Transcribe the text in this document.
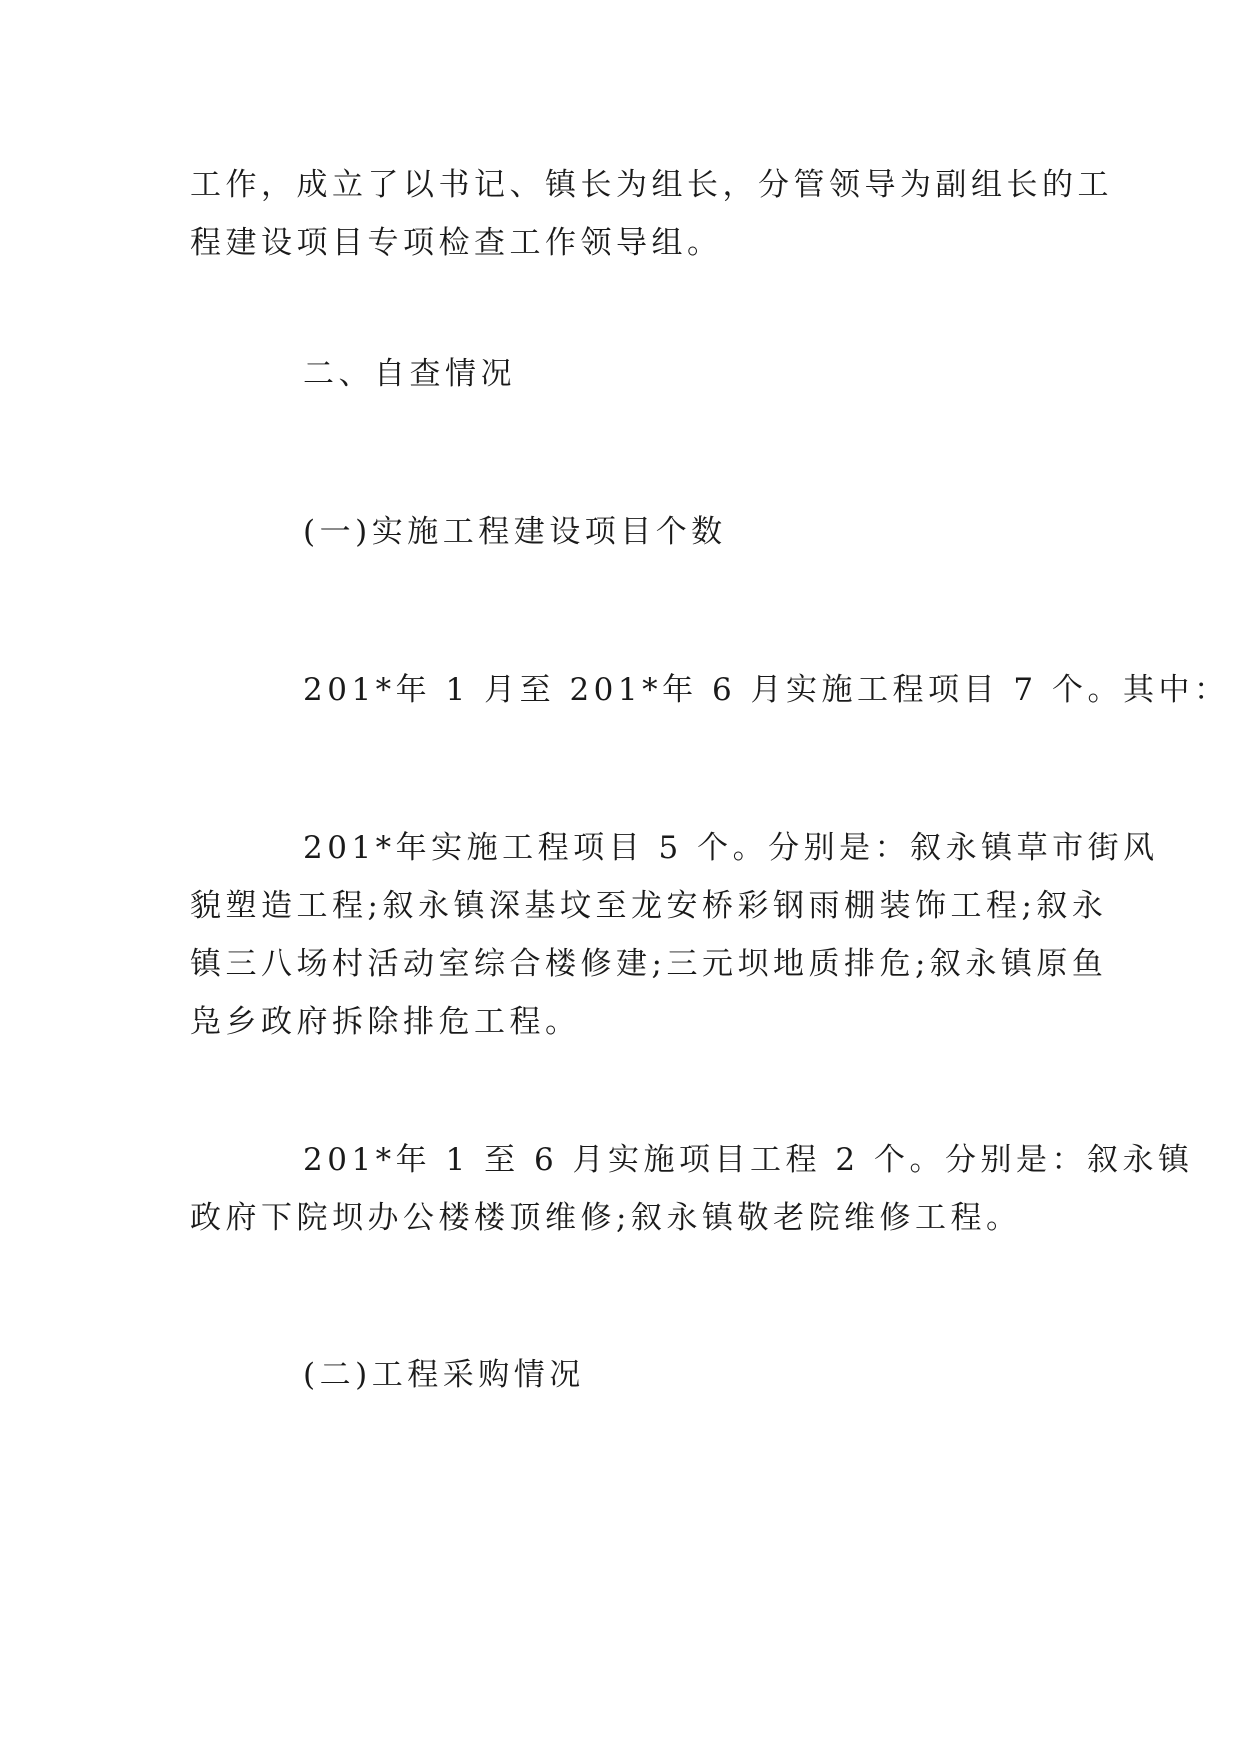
工作，成立了以书记、镇长为组长，分管领导为副组长的工
程建设项目专项检查工作领导组。

二、自查情况

(一)实施工程建设项目个数

201*年 1 月至 201*年 6 月实施工程项目 7 个。其中：

201*年实施工程项目 5 个。分别是：叙永镇草市街风
貌塑造工程;叙永镇深基坟至龙安桥彩钢雨棚装饰工程;叙永
镇三八场村活动室综合楼修建;三元坝地质排危;叙永镇原鱼
凫乡政府拆除排危工程。

201*年 1 至 6 月实施项目工程 2 个。分别是：叙永镇
政府下院坝办公楼楼顶维修;叙永镇敬老院维修工程。

(二)工程采购情况
